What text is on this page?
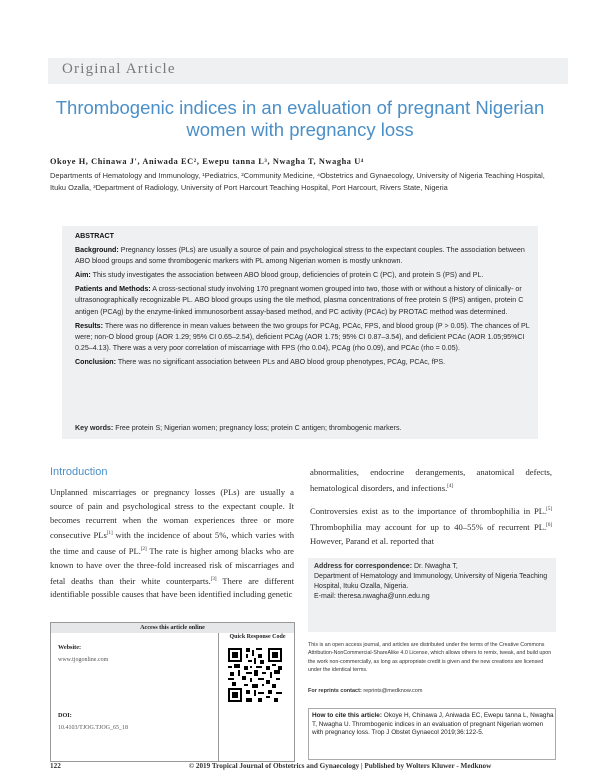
Original Article
Thrombogenic indices in an evaluation of pregnant Nigerian women with pregnancy loss
Okoye H, Chinawa J', Aniwada EC², Ewepu tanna L³, Nwagha T, Nwagha U⁴
Departments of Hematology and Immunology, ¹Pediatrics, ²Community Medicine, ⁴Obstetrics and Gynaecology, University of Nigeria Teaching Hospital, Ituku Ozalla, ³Department of Radiology, University of Port Harcourt Teaching Hospital, Port Harcourt, Rivers State, Nigeria

ABSTRACT

Background: Pregnancy losses (PLs) are usually a source of pain and psychological stress to the expectant couples. The association between ABO blood groups and some thrombogenic markers with PL among Nigerian women is mostly unknown.

Aim: This study investigates the association between ABO blood group, deficiencies of protein C (PC), and protein S (PS) and PL.

Patients and Methods: A cross-sectional study involving 170 pregnant women grouped into two, those with or without a history of clinically- or ultrasonographically recognizable PL. ABO blood groups using the tile method, plasma concentrations of free protein S (fPS) antigen, protein C antigen (PCAg) by the enzyme-linked immunosorbent assay-based method, and PC activity (PCAc) by PROTAC method was determined.

Results: There was no difference in mean values between the two groups for PCAg, PCAc, FPS, and blood group (P > 0.05). The chances of PL were; non-O blood group (AOR 1.29; 95% CI 0.65–2.54), deficient PCAg (AOR 1.75; 95% CI 0.87–3.54), and deficient PCAc (AOR 1.05;95%CI 0.25–4.13). There was a very poor correlation of miscarriage with FPS (rho 0.04), PCAg (rho 0.09), and PCAc (rho = 0.05).

Conclusion: There was no significant association between PLs and ABO blood group phenotypes, PCAg, PCAc, fPS.

Key words: Free protein S; Nigerian women; pregnancy loss; protein C antigen; thrombogenic markers.
Introduction

Unplanned miscarriages or pregnancy losses (PLs) are usually a source of pain and psychological stress to the expectant couple. It becomes recurrent when the woman experiences three or more consecutive PLs[1] with the incidence of about 5%, which varies with the time and cause of PL.[2] The rate is higher among blacks who are known to have over the three-fold increased risk of miscarriages and fetal deaths than their white counterparts.[3] There are different identifiable possible causes that have been identified including genetic

abnormalities, endocrine derangements, anatomical defects, hematological disorders, and infections.[4]

Controversies exist as to the importance of thrombophilia in PL.[5] Thrombophilia may account for up to 40–55% of recurrent PL.[6] However, Parand et al. reported that

Address for correspondence: Dr. Nwagha T,
Department of Hematology and Immunology, University of Nigeria Teaching Hospital, Ituku Ozalla, Nigeria.
E-mail: theresa.nwagha@unn.edu.ng
This is an open access journal, and articles are distributed under the terms of the Creative Commons Attribution-NonCommercial-ShareAlike 4.0 License, which allows others to remix, tweak, and build upon the work non-commercially, as long as appropriate credit is given and the new creations are licensed under the identical terms.
For reprints contact: reprints@medknow.com
How to cite this article: Okoye H, Chinawa J, Aniwada EC, Ewepu tanna L, Nwagha T, Nwagha U. Thrombogenic indices in an evaluation of pregnant Nigerian women with pregnancy loss. Trop J Obstet Gynaecol 2019;36:122-5.
Access this article online
Quick Response Code
Website:
www.tjogonline.com
DOI:
10.4103/TJOG.TJOG_65_18
122	© 2019 Tropical Journal of Obstetrics and Gynaecology | Published by Wolters Kluwer - Medknow
